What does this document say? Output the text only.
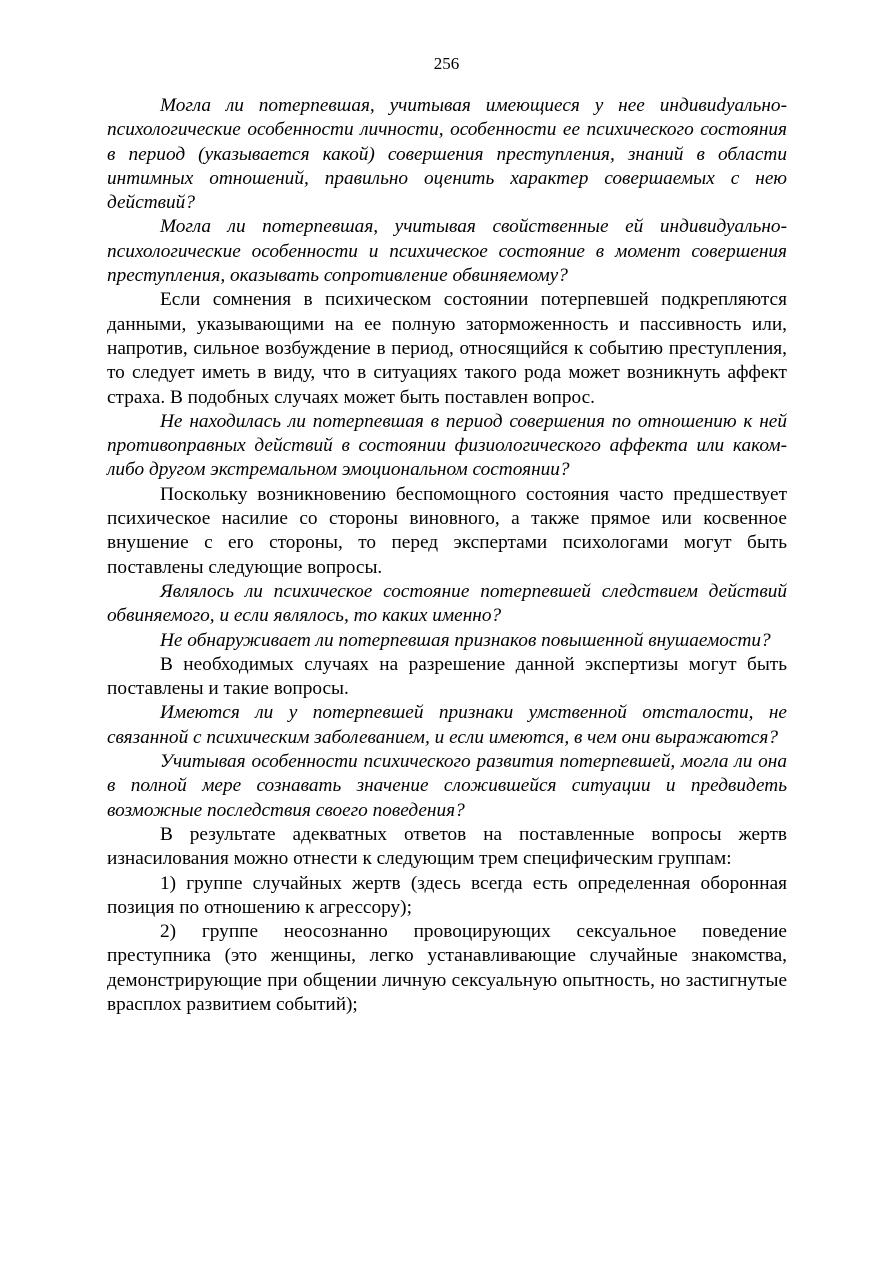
256

Могла ли потерпевшая, учитывая имеющиеся у нее индивиdуально-психологические особенности личности, особенности ее психического состояния в период (указывается какой) совершения преступления, знаний в области интимных отношений, правильно оценить характер совершаемых с нею действий?

Могла ли потерпевшая, учитывая свойственные ей индивидуально-психологические особенности и психическое состояние в момент совершения преступления, оказывать сопротивление обвиняемому?

Если сомнения в психическом состоянии потерпевшей подкрепляются данными, указывающими на ее полную заторможенность и пассивность или, напротив, сильное возбуждение в период, относящийся к событию преступления, то следует иметь в виду, что в ситуациях такого рода может возникнуть аффект страха. В подобных случаях может быть поставлен вопрос.

Не находилась ли потерпевшая в период совершения по отношению к ней противоправных действий в состоянии физиологического аффекта или каком-либо другом экстремальном эмоциональном состоянии?

Поскольку возникновению беспомощного состояния часто предшествует психическое насилие со стороны виновного, а также прямое или косвенное внушение с его стороны, то перед экспертами психологами могут быть поставлены следующие вопросы.

Являлось ли психическое состояние потерпевшей следствием действий обвиняемого, и если являлось, то каких именно?

Не обнаруживает ли потерпевшая признаков повышенной внушаемости?

В необходимых случаях на разрешение данной экспертизы могут быть поставлены и такие вопросы.

Имеются ли у потерпевшей признаки умственной отсталости, не связанной с психическим заболеванием, и если имеются, в чем они выражаются?

Учитывая особенности психического развития потерпевшей, могла ли она в полной мере сознавать значение сложившейся ситуации и предвидеть возможные последствия своего поведения?

В результате адекватных ответов на поставленные вопросы жертв изнасилования можно отнести к следующим трем специфическим группам:

1) группе случайных жертв (здесь всегда есть определенная оборонная позиция по отношению к агрессору);

2) группе неосознанно провоцирующих сексуальное поведение преступника (это женщины, легко устанавливающие случайные знакомства, демонстрирующие при общении личную сексуальную опытность, но застигнутые врасплох развитием событий);
